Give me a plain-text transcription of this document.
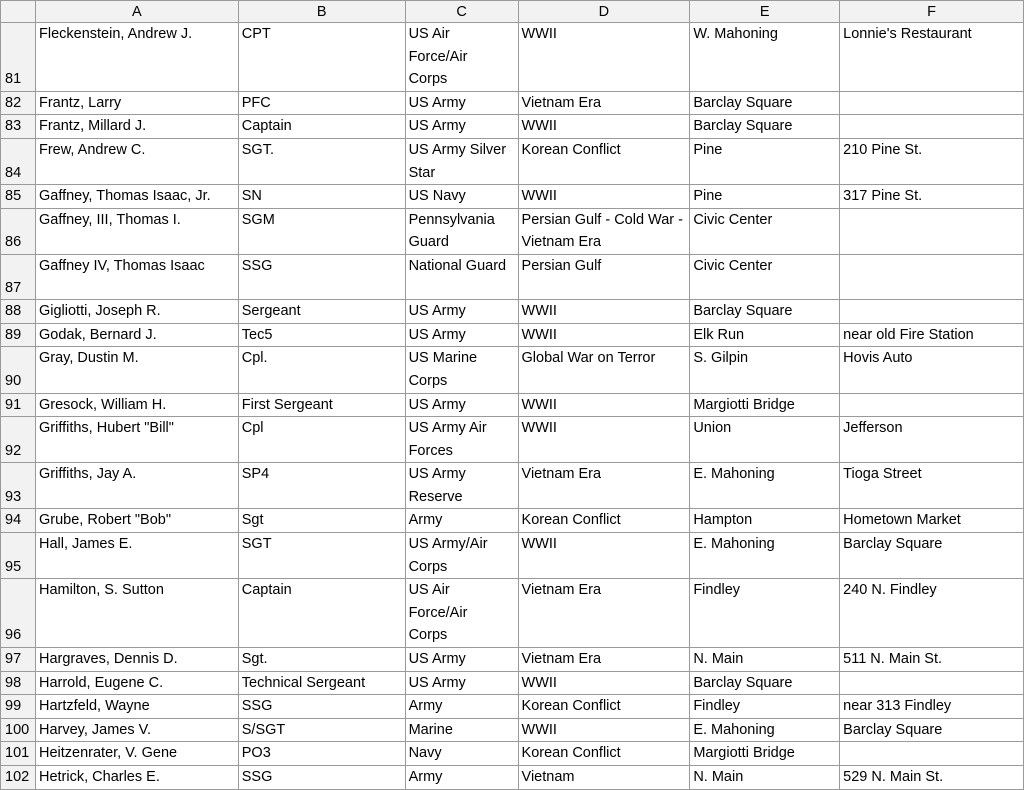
	A	B	C	D	E	F
81	Fleckenstein, Andrew J.	CPT	US Air
Force/Air
Corps	WWII	W. Mahoning	Lonnie's Restaurant
82	Frantz, Larry	PFC	US Army	Vietnam Era	Barclay Square	
83	Frantz, Millard J.	Captain	US Army	WWII	Barclay Square	
84	Frew, Andrew C.	SGT.	US Army Silver
Star	Korean Conflict	Pine	210 Pine St.
85	Gaffney, Thomas Isaac, Jr.	SN	US Navy	WWII	Pine	317 Pine St.
86	Gaffney, III, Thomas I.	SGM	Pennsylvania
Guard	Persian Gulf - Cold War -
Vietnam Era	Civic Center	
87	Gaffney IV, Thomas Isaac	SSG	National Guard	Persian Gulf	Civic Center	
88	Gigliotti, Joseph R.	Sergeant	US Army	WWII	Barclay Square	
89	Godak, Bernard J.	Tec5	US Army	WWII	Elk Run	near old Fire Station
90	Gray, Dustin M.	Cpl.	US Marine
Corps	Global War on Terror	S. Gilpin	Hovis Auto
91	Gresock, William H.	First Sergeant	US Army	WWII	Margiotti Bridge	
92	Griffiths, Hubert "Bill"	Cpl	US Army Air
Forces	WWII	Union	Jefferson
93	Griffiths, Jay A.	SP4	US Army
Reserve	Vietnam Era	E. Mahoning	Tioga Street
94	Grube, Robert "Bob"	Sgt	Army	Korean Conflict	Hampton	Hometown Market
95	Hall, James E.	SGT	US Army/Air
Corps	WWII	E. Mahoning	Barclay Square
96	Hamilton, S. Sutton	Captain	US Air
Force/Air
Corps	Vietnam Era	Findley	240 N. Findley
97	Hargraves, Dennis D.	Sgt.	US Army	Vietnam Era	N. Main	511 N. Main St.
98	Harrold, Eugene C.	Technical Sergeant	US Army	WWII	Barclay Square	
99	Hartzfeld, Wayne	SSG	Army	Korean Conflict	Findley	near 313 Findley
100	Harvey, James V.	S/SGT	Marine	WWII	E. Mahoning	Barclay Square
101	Heitzenrater, V. Gene	PO3	Navy	Korean Conflict	Margiotti Bridge	
102	Hetrick, Charles E.	SSG	Army	Vietnam	N. Main	529 N. Main St.
